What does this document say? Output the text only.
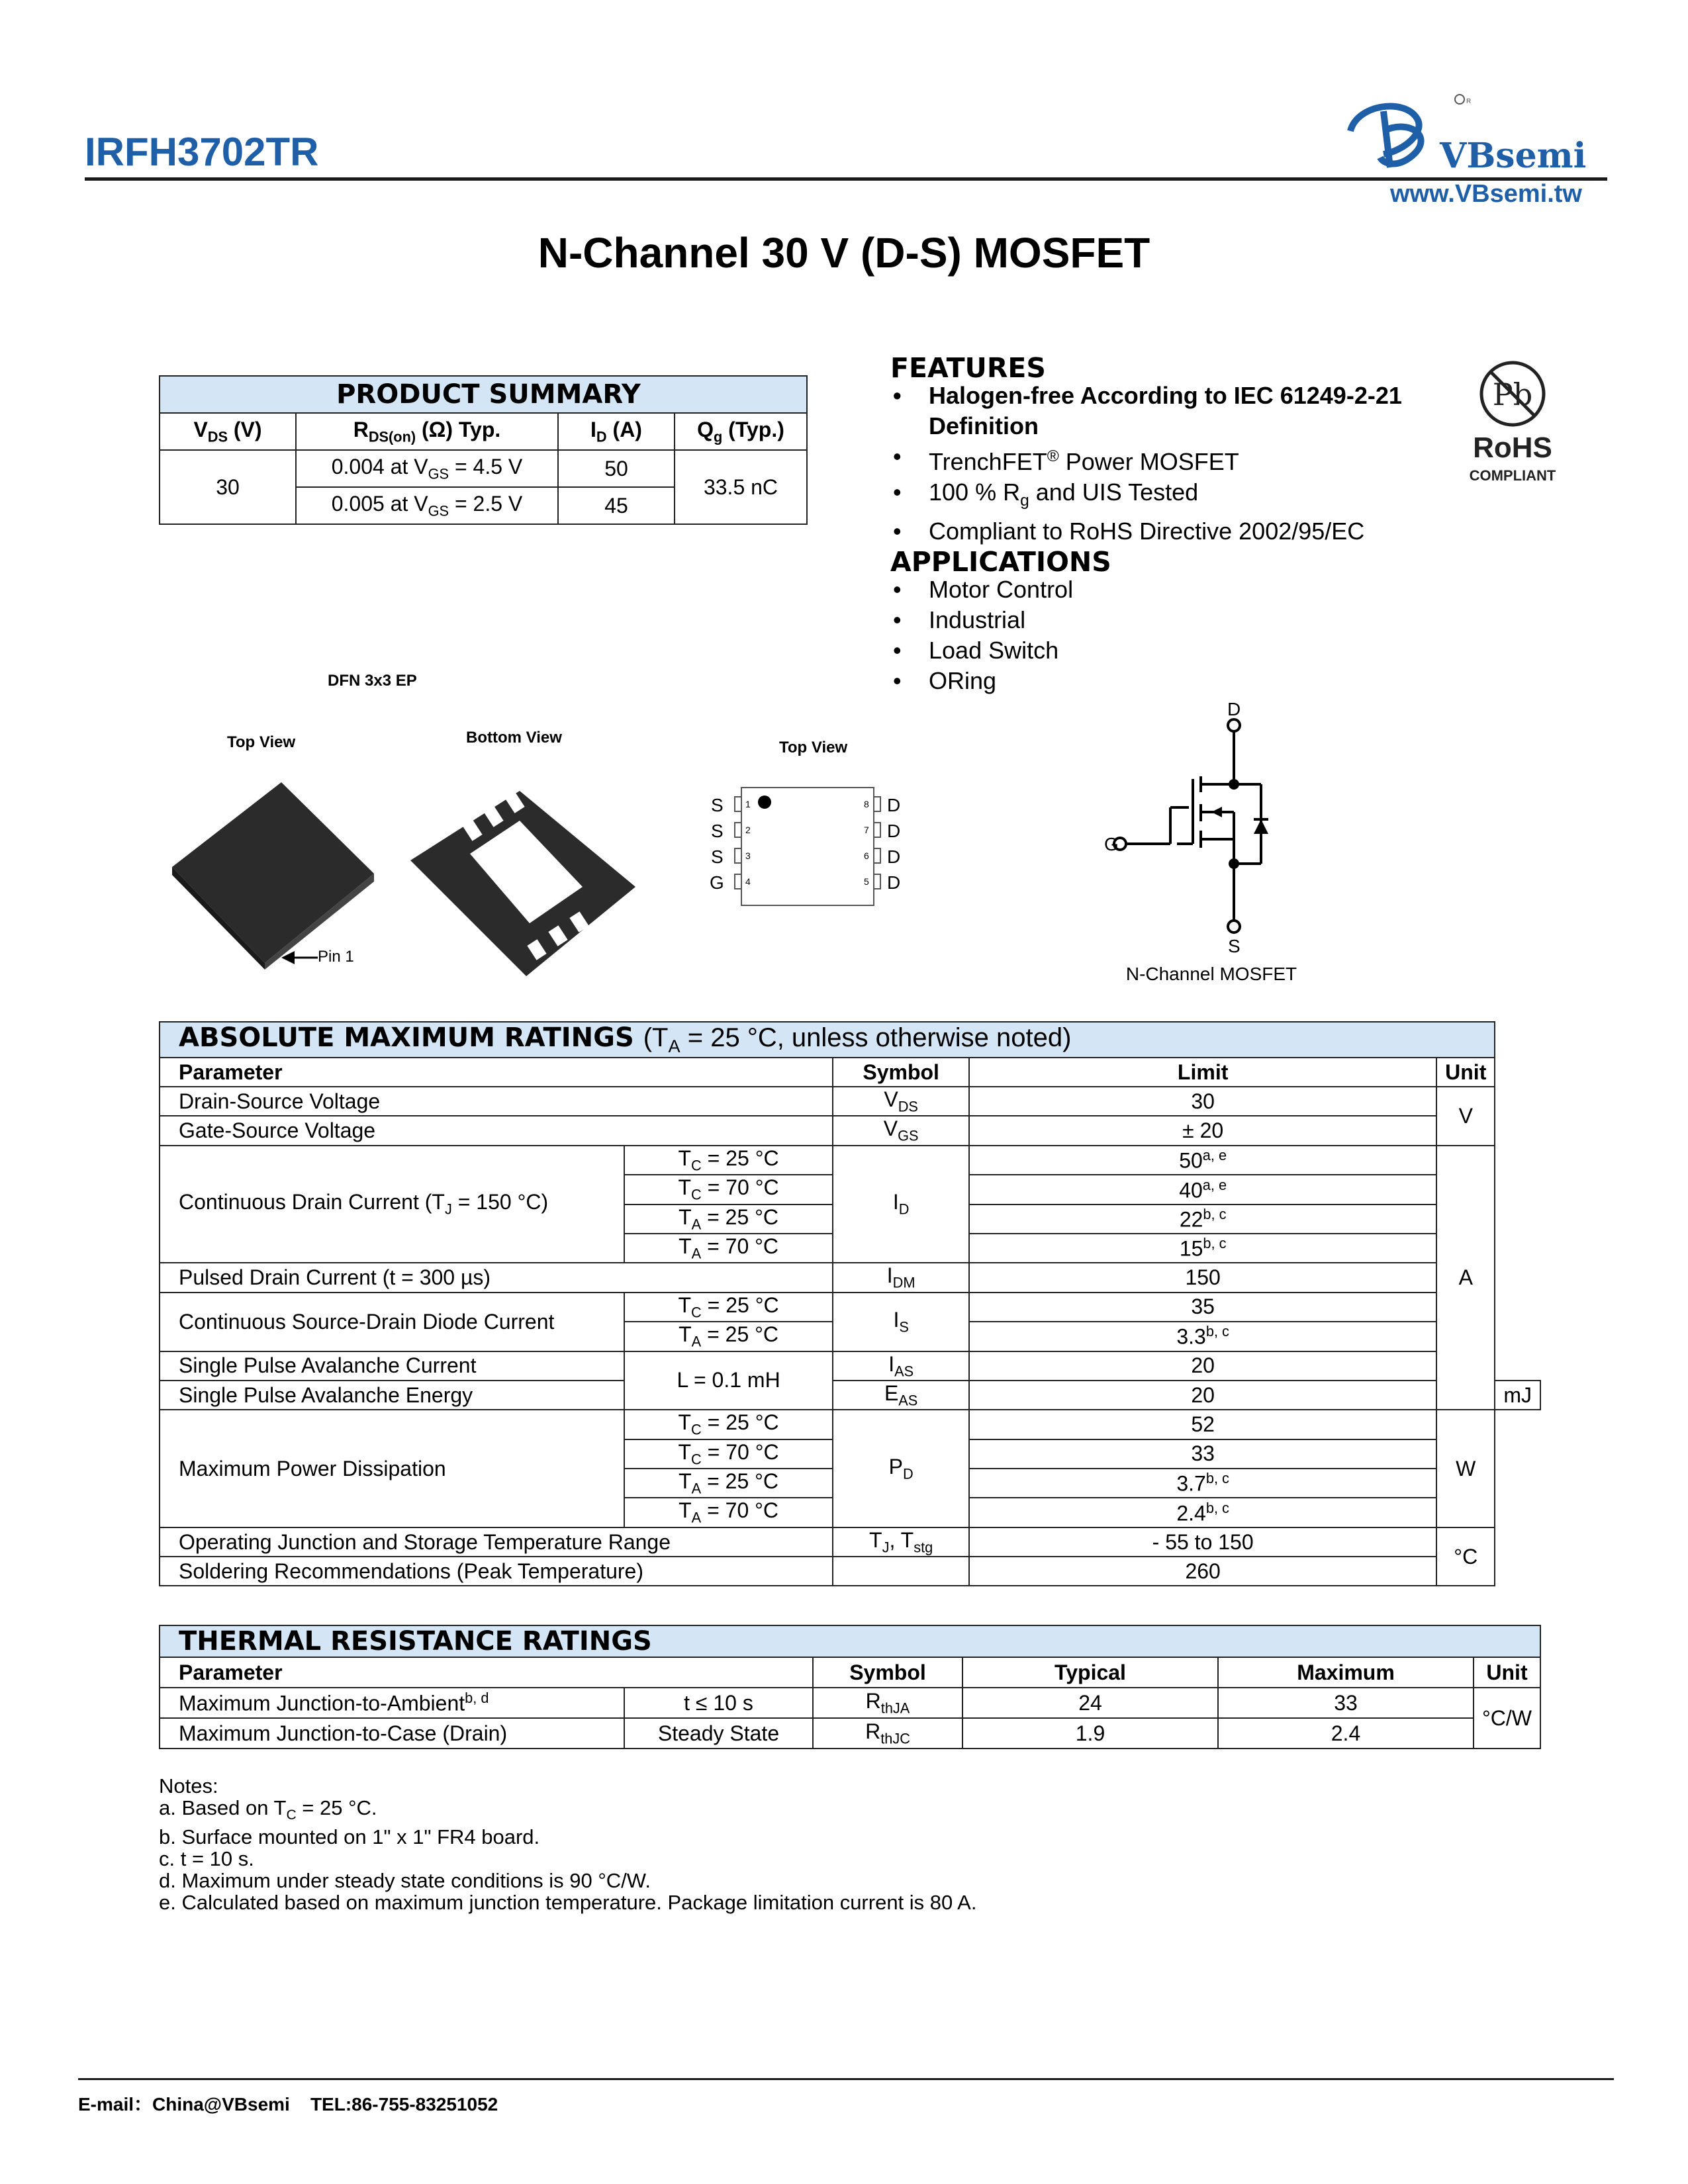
IRFH3702TR
R
VBsemi
www.VBsemi.tw
N-Channel 30 V (D-S) MOSFET
PRODUCT SUMMARY			
$V_{DS}$ (V)	$R_{DS(on)}$ (Ω) Typ.	$I_D$ (A)	$Q_g$ (Typ.)
30	0.004 at $V_{GS} = 4.5$ V	50	33.5 nC
	0.005 at $V_{GS} = 2.5$ V	45	
FEATURES
• Halogen-free According to IEC 61249-2-21 Definition
• TrenchFET® Power MOSFET
• 100 % $R_g$ and UIS Tested
• Compliant to RoHS Directive 2002/95/EC
Pb
RoHS
COMPLIANT
APPLICATIONS
• Motor Control
• Industrial
• Load Switch
• ORing
DFN 3x3 EP
Top View	Bottom View
Top View
Pin 1
S
S
S
G
D
D
D
D
1
2
3
4
8
7
6
5
D
G
S
N-Channel MOSFET
ABSOLUTE MAXIMUM RATINGS ($T_A = 25$ °C, unless otherwise noted)					
Parameter		Symbol	Limit	Unit	
Drain-Source Voltage		$V_{DS}$	30	V	
Gate-Source Voltage		$V_{GS}$	± 20		
Continuous Drain Current ($T_J = 150$ °C)	$T_C = 25$ °C	$I_D$	50$^{a, e}$	A	
	$T_C = 70$ °C		40$^{a, e}$
	$T_A = 25$ °C		22$^{b, c}$
	$T_A = 70$ °C		15$^{b, c}$
Pulsed Drain Current (t = 300 µs)		$I_{DM}$	150		
Continuous Source-Drain Diode Current	$T_C = 25$ °C	$I_S$	35		
	$T_A = 25$ °C		3.3$^{b, c}$
Single Pulse Avalanche Current	L = 0.1 mH	$I_{AS}$	20		
Single Pulse Avalanche Energy		$E_{AS}$	20		mJ
Maximum Power Dissipation	$T_C = 25$ °C	$P_D$	52	W	
	$T_C = 70$ °C		33		
	$T_A = 25$ °C		3.7$^{b, c}$
	$T_A = 70$ °C		2.4$^{b, c}$
Operating Junction and Storage Temperature Range		$T_J$, $T_{stg}$	- 55 to 150	°C	
Soldering Recommendations (Peak Temperature)			260		
THERMAL RESISTANCE RATINGS					
Parameter		Symbol	Typical	Maximum	Unit
Maximum Junction-to-Ambient$^{b, d}$	t ≤ 10 s	$R_{thJA}$	24	33	°C/W
Maximum Junction-to-Case (Drain)	Steady State	$R_{thJC}$	1.9	2.4	
Notes:
a. Based on $T_C = 25$ °C.
b. Surface mounted on 1" x 1" FR4 board.
c. t = 10 s.
d. Maximum under steady state conditions is 90 °C/W.
e. Calculated based on maximum junction temperature. Package limitation current is 80 A.
E-mail：China@VBsemi    TEL:86-755-83251052
